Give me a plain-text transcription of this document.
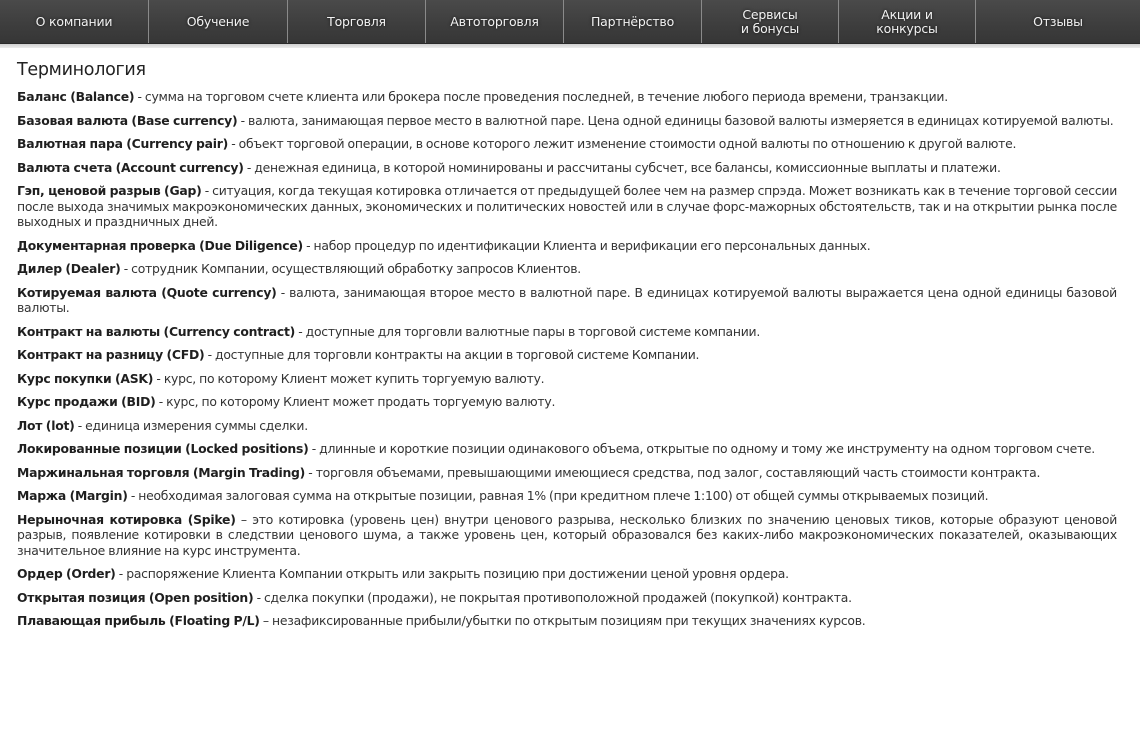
О компании	Обучение	Торговля	Автоторговля	Партнёрство	Сервисы
и бонусы
Акции и
конкурсы	Отзывы
Терминология

Баланс (Balance) - сумма на торговом счете клиента или брокера после проведения последней, в течение любого периода времени, транзакции.

Базовая валюта (Base currency) - валюта, занимающая первое место в валютной паре. Цена одной единицы базовой валюты измеряется в единицах котируемой валюты.

Валютная пара (Currency pair) - объект торговой операции, в основе которого лежит изменение стоимости одной валюты по отношению к другой валюте.

Валюта счета (Account currency) - денежная единица, в которой номинированы и рассчитаны субсчет, все балансы, комиссионные выплаты и платежи.

Гэп, ценовой разрыв (Gap) - ситуация, когда текущая котировка отличается от предыдущей более чем на размер спрэда. Может возникать как в течение торговой сессии после выхода значимых макроэкономических данных, экономических и политических новостей или в случае форс-мажорных обстоятельств, так и на открытии рынка после выходных и праздничных дней.

Документарная проверка (Due Diligence) - набор процедур по идентификации Клиента и верификации его персональных данных.

Дилер (Dealer) - сотрудник Компании, осуществляющий обработку запросов Клиентов.

Котируемая валюта (Quote currency) - валюта, занимающая второе место в валютной паре. В единицах котируемой валюты выражается цена одной единицы базовой валюты.

Контракт на валюты (Currency contract) - доступные для торговли валютные пары в торговой системе компании.

Контракт на разницу (CFD) - доступные для торговли контракты на акции в торговой системе Компании.

Курс покупки (ASK) - курс, по которому Клиент может купить торгуемую валюту.

Курс продажи (BID) - курс, по которому Клиент может продать торгуемую валюту.

Лот (lot) - единица измерения суммы сделки.

Локированные позиции (Locked positions) - длинные и короткие позиции одинакового объема, открытые по одному и тому же инструменту на одном торговом счете.

Маржинальная торговля (Margin Trading) - торговля объемами, превышающими имеющиеся средства, под залог, составляющий часть стоимости контракта.

Маржа (Margin) - необходимая залоговая сумма на открытые позиции, равная 1% (при кредитном плече 1:100) от общей суммы открываемых позиций.

Нерыночная котировка (Spike) – это котировка (уровень цен) внутри ценового разрыва, несколько близких по значению ценовых тиков, которые образуют ценовой разрыв, появление котировки в следствии ценового шума, а также уровень цен, который образовался без каких-либо макроэкономических показателей, оказывающих значительное влияние на курс инструмента.

Ордер (Order) - распоряжение Клиента Компании открыть или закрыть позицию при достижении ценой уровня ордера.

Открытая позиция (Open position) - сделка покупки (продажи), не покрытая противоположной продажей (покупкой) контракта.

Плавающая прибыль (Floating P/L) – незафиксированные прибыли/убытки по открытым позициям при текущих значениях курсов.
